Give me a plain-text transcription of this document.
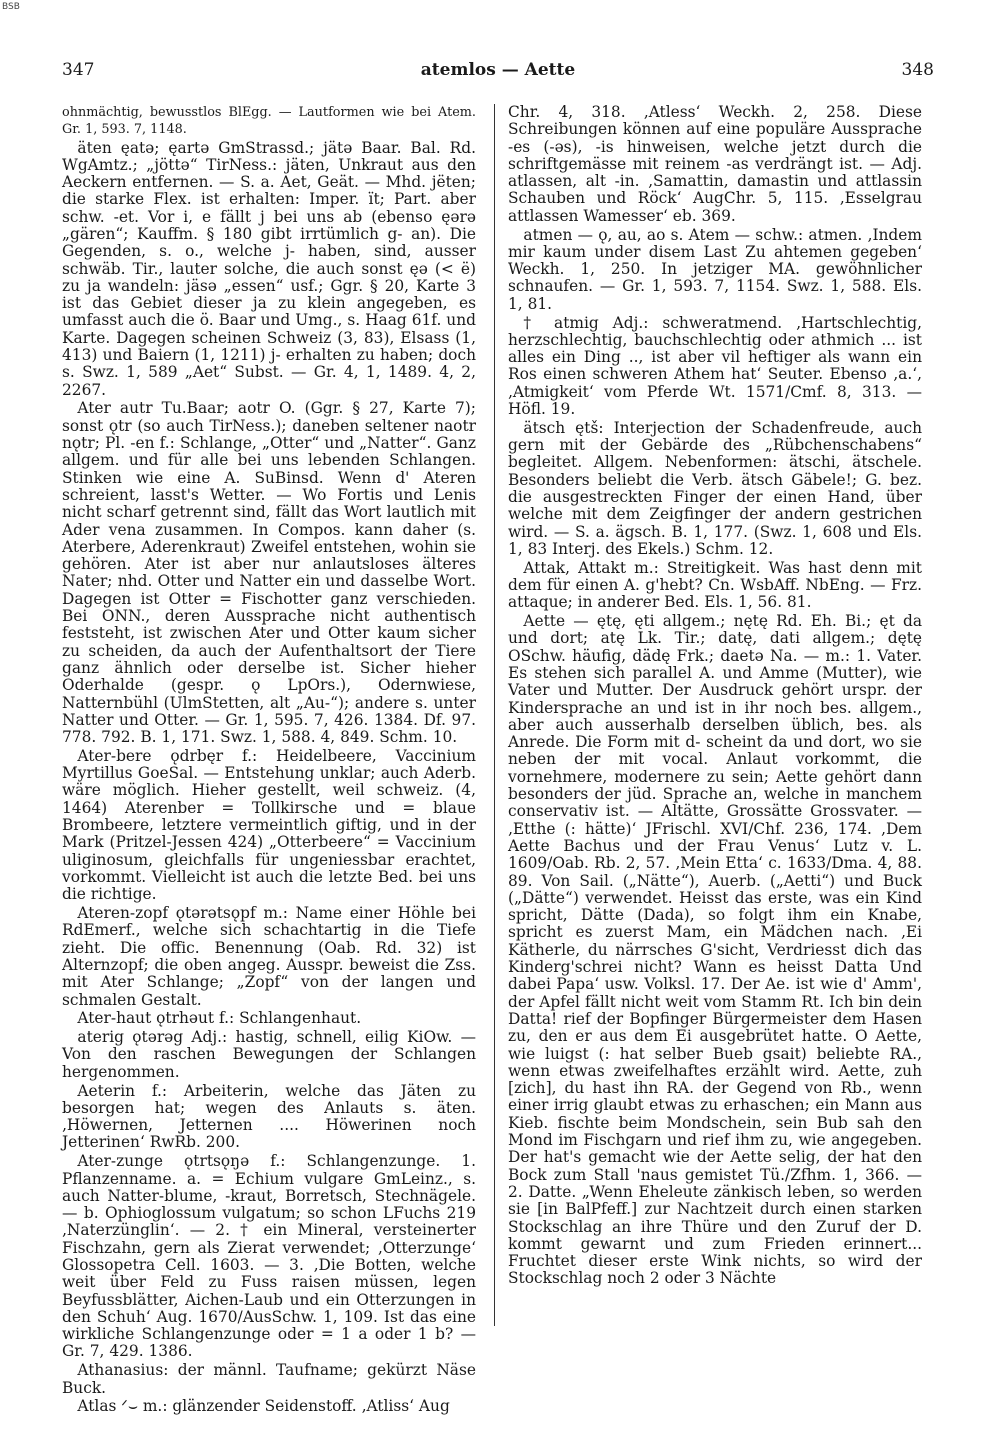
BSB
347	atemlos — Aette	348

ohnmächtig, bewusstlos BlEgg. — Lautformen wie bei Atem. Gr. 1, 593. 7, 1148.

äten ęatə; ęartə GmStrassd.; jätə Baar. Bal. Rd. WgAmtz.; „jöttə“ TirNess.: jäten, Unkraut aus den Aeckern entfernen. — S. a. Aet, Geät. — Mhd. jëten; die starke Flex. ist erhalten: Imper. ït; Part. aber schw. -et. Vor i, e fällt j bei uns ab (ebenso ęərə „gären“; Kauffm. § 180 gibt irrtümlich g- an). Die Gegenden, s. o., welche j- haben, sind, ausser schwäb. Tir., lauter solche, die auch sonst ęə (< ë) zu ja wandeln: jäsə „essen“ usf.; Ggr. § 20, Karte 3 ist das Gebiet dieser ja zu klein angegeben, es umfasst auch die ö. Baar und Umg., s. Haag 61f. und Karte. Dagegen scheinen Schweiz (3, 83), Elsass (1, 413) und Baiern (1, 1211) j- erhalten zu haben; doch s. Swz. 1, 589 „Aet“ Subst. — Gr. 4, 1, 1489. 4, 2, 2267.

Ater autr Tu.Baar; aotr O. (Ggr. § 27, Karte 7); sonst ǫtr (so auch TirNess.); daneben seltener naotr nǫtr; Pl. -en f.: Schlange, „Otter“ und „Natter“. Ganz allgem. und für alle bei uns lebenden Schlangen. Stinken wie eine A. SuBinsd. Wenn d' Ateren schreient, lasst's Wetter. — Wo Fortis und Lenis nicht scharf getrennt sind, fällt das Wort lautlich mit Ader vena zusammen. In Compos. kann daher (s. Aterbere, Aderenkraut) Zweifel entstehen, wohin sie gehören. Ater ist aber nur anlautsloses älteres Nater; nhd. Otter und Natter ein und dasselbe Wort. Dagegen ist Otter = Fischotter ganz verschieden. Bei ONN., deren Aussprache nicht authentisch feststeht, ist zwischen Ater und Otter kaum sicher zu scheiden, da auch der Aufenthaltsort der Tiere ganz ähnlich oder derselbe ist. Sicher hieher Oderhalde (gespr. ǫ LpOrs.), Odernwiese, Natternbühl (UlmStetten, alt „Au-“); andere s. unter Natter und Otter. — Gr. 1, 595. 7, 426. 1384. Df. 97. 778. 792. B. 1, 171. Swz. 1, 588. 4, 849. Schm. 10.

Ater-bere ǫdrbęr f.: Heidelbeere, Vaccinium Myrtillus GoeSal. — Entstehung unklar; auch Aderb. wäre möglich. Hieher gestellt, weil schweiz. (4, 1464) Aterenber = Tollkirsche und = blaue Brombeere, letztere vermeintlich giftig, und in der Mark (Pritzel-Jessen 424) „Otterbeere“ = Vaccinium uliginosum, gleichfalls für ungeniessbar erachtet, vorkommt. Vielleicht ist auch die letzte Bed. bei uns die richtige.

Ateren-zopf ǫtərətsǫpf m.: Name einer Höhle bei RdEmerf., welche sich schachtartig in die Tiefe zieht. Die offic. Benennung (Oab. Rd. 32) ist Alternzopf; die oben angeg. Ausspr. beweist die Zss. mit Ater Schlange; „Zopf“ von der langen und schmalen Gestalt.

Ater-haut ǫtrhəut f.: Schlangenhaut.

aterig ǫtərəg Adj.: hastig, schnell, eilig KiOw. — Von den raschen Bewegungen der Schlangen hergenommen.

Aeterin f.: Arbeiterin, welche das Jäten zu besorgen hat; wegen des Anlauts s. äten. ‚Höwernen, Jetternen .... Höwerinen noch Jetterinen‘ RwRb. 200.

Ater-zunge ǫtrtsǫŋə f.: Schlangenzunge. 1. Pflanzenname. a. = Echium vulgare GmLeinz., s. auch Natter-blume, -kraut, Borretsch, Stechnägele. — b. Ophioglossum vulgatum; so schon LFuchs 219 ‚Naterzünglin‘. — 2. † ein Mineral, versteinerter Fischzahn, gern als Zierat verwendet; ‚Otterzunge‘ Glossopetra Cell. 1603. — 3. ‚Die Botten, welche weit über Feld zu Fuss raisen müssen, legen Beyfussblätter, Aichen-Laub und ein Otterzungen in den Schuh‘ Aug. 1670/AusSchw. 1, 109. Ist das eine wirkliche Schlangenzunge oder = 1 a oder 1 b? — Gr. 7, 429. 1386.

Athanasius: der männl. Taufname; gekürzt Näse Buck.

Atlas ᐟ⌣ m.: glänzender Seidenstoff. ‚Atliss‘ Aug

Chr. 4, 318. ‚Atless‘ Weckh. 2, 258. Diese Schreibungen können auf eine populäre Aussprache -es (-əs), -is hinweisen, welche jetzt durch die schriftgemässe mit reinem -as verdrängt ist. — Adj. atlassen, alt -in. ‚Samattin, damastin und attlassin Schauben und Röck‘ AugChr. 5, 115. ‚Esselgrau attlassen Wamesser‘ eb. 369.

atmen — ǫ, au, ao s. Atem — schw.: atmen. ‚Indem mir kaum under disem Last Zu ahtemen gegeben‘ Weckh. 1, 250. In jetziger MA. gewöhnlicher schnaufen. — Gr. 1, 593. 7, 1154. Swz. 1, 588. Els. 1, 81.

† atmig Adj.: schweratmend. ‚Hartschlechtig, herzschlechtig, bauchschlechtig oder athmich ... ist alles ein Ding .., ist aber vil heftiger als wann ein Ros einen schweren Athem hat‘ Seuter. Ebenso ‚a.‘, ‚Atmigkeit‘ vom Pferde Wt. 1571/Cmf. 8, 313. — Höfl. 19.

ätsch ętš: Interjection der Schadenfreude, auch gern mit der Gebärde des „Rübchenschabens“ begleitet. Allgem. Nebenformen: ätschi, ätschele. Besonders beliebt die Verb. ätsch Gäbele!; G. bez. die ausgestreckten Finger der einen Hand, über welche mit dem Zeigfinger der andern gestrichen wird. — S. a. ägsch. B. 1, 177. (Swz. 1, 608 und Els. 1, 83 Interj. des Ekels.) Schm. 12.

Attak, Attakt m.: Streitigkeit. Was hast denn mit dem für einen A. g'hebt? Cn. WsbAff. NbEng. — Frz. attaque; in anderer Bed. Els. 1, 56. 81.

Aette — ętę, ęti allgem.; nętę Rd. Eh. Bi.; ęt da und dort; atę Lk. Tir.; datę, dati allgem.; dętę OSchw. häufig, dädę Frk.; daetə Na. — m.: 1. Vater. Es stehen sich parallel A. und Amme (Mutter), wie Vater und Mutter. Der Ausdruck gehört urspr. der Kindersprache an und ist in ihr noch bes. allgem., aber auch ausserhalb derselben üblich, bes. als Anrede. Die Form mit d- scheint da und dort, wo sie neben der mit vocal. Anlaut vorkommt, die vornehmere, modernere zu sein; Aette gehört dann besonders der jüd. Sprache an, welche in manchem conservativ ist. — Altätte, Grossätte Grossvater. — ‚Etthe (: hätte)‘ JFrischl. XVI/Chf. 236, 174. ‚Dem Aette Bachus und der Frau Venus‘ Lutz v. L. 1609/Oab. Rb. 2, 57. ‚Mein Etta‘ c. 1633/Dma. 4, 88. 89. Von Sail. („Nätte“), Auerb. („Aetti“) und Buck („Dätte“) verwendet. Heisst das erste, was ein Kind spricht, Dätte (Dada), so folgt ihm ein Knabe, spricht es zuerst Mam, ein Mädchen nach. ‚Ei Kätherle, du närrsches G'sicht, Verdriesst dich das Kinderg'schrei nicht? Wann es heisst Datta Und dabei Papa‘ usw. Volksl. 17. Der Ae. ist wie d' Amm', der Apfel fällt nicht weit vom Stamm Rt. Ich bin dein Datta! rief der Bopfinger Bürgermeister dem Hasen zu, den er aus dem Ei ausgebrütet hatte. O Aette, wie luigst (: hat selber Bueb gsait) beliebte RA., wenn etwas zweifelhaftes erzählt wird. Aette, zuh [zich], du hast ihn RA. der Gegend von Rb., wenn einer irrig glaubt etwas zu erhaschen; ein Mann aus Kieb. fischte beim Mondschein, sein Bub sah den Mond im Fischgarn und rief ihm zu, wie angegeben. Der hat's gemacht wie der Aette selig, der hat den Bock zum Stall 'naus gemistet Tü./Zfhm. 1, 366. — 2. Datte. „Wenn Eheleute zänkisch leben, so werden sie [in BalPfeff.] zur Nachtzeit durch einen starken Stockschlag an ihre Thüre und den Zuruf der D. kommt gewarnt und zum Frieden erinnert... Fruchtet dieser erste Wink nichts, so wird der Stockschlag noch 2 oder 3 Nächte
